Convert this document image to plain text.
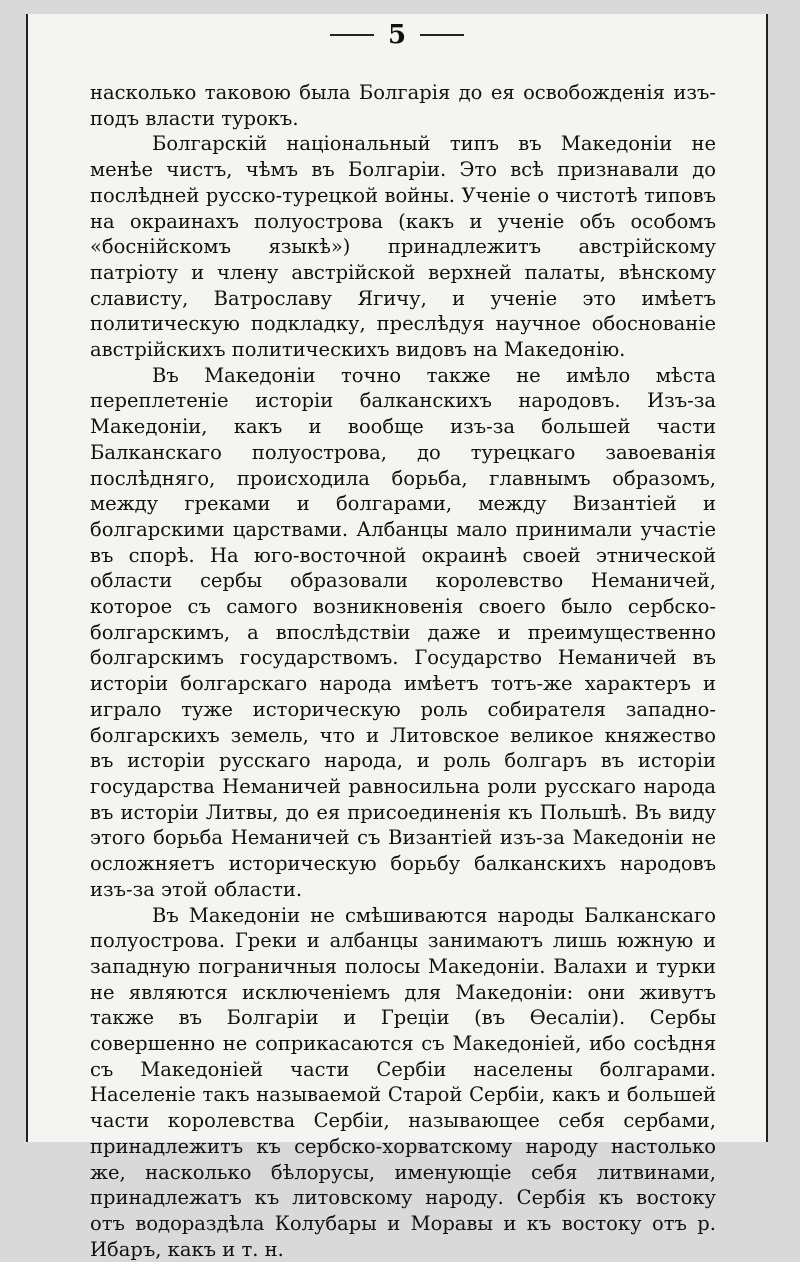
5

насколько таковою была Болгарія до ея освобожденія изъ-подъ власти турокъ.

Болгарскій національный типъ въ Македоніи не менѣе чистъ, чѣмъ въ Болгаріи. Это всѣ признавали до послѣдней русско-турецкой войны. Ученіе о чистотѣ типовъ на окраинахъ полуострова (какъ и ученіе объ особомъ «боснійскомъ языкѣ») принадлежитъ австрійскому патріоту и члену австрійской верхней палаты, вѣнскому слависту, Ватрославу Ягичу, и ученіе это имѣетъ политическую подкладку, преслѣдуя научное обоснованіе австрійскихъ политическихъ видовъ на Македонію.

Въ Македоніи точно также не имѣло мѣста переплетеніе исторіи балканскихъ народовъ. Изъ-за Македоніи, какъ и вообще изъ-за большей части Балканскаго полуострова, до турецкаго завоеванія послѣдняго, происходила борьба, главнымъ образомъ, между греками и болгарами, между Византіей и болгарскими царствами. Албанцы мало принимали участіе въ спорѣ. На юго-восточной окраинѣ своей этнической области сербы образовали королевство Неманичей, которое съ самого возникновенія своего было сербско-болгарскимъ, а впослѣдствіи даже и преимущественно болгарскимъ государствомъ. Государство Неманичей въ исторіи болгарскаго народа имѣетъ тотъ-же характеръ и играло туже историческую роль собирателя западно-болгарскихъ земель, что и Литовское великое княжество въ исторіи русскаго народа, и роль болгаръ въ исторіи государства Неманичей равносильна роли русскаго народа въ исторіи Литвы, до ея присоединенія къ Польшѣ. Въ виду этого борьба Неманичей съ Византіей изъ-за Македоніи не осложняетъ историческую борьбу балканскихъ народовъ изъ-за этой области.

Въ Македоніи не смѣшиваются народы Балканскаго полуострова. Греки и албанцы занимаютъ лишь южную и западную пограничныя полосы Македоніи. Валахи и турки не являются исключеніемъ для Македоніи: они живутъ также въ Болгаріи и Греціи (въ Ѳесаліи). Сербы совершенно не соприкасаются съ Македоніей, ибо сосѣдня съ Македоніей части Сербіи населены болгарами. Населеніе такъ называемой Старой Сербіи, какъ и большей части королевства Сербіи, называющее себя сербами, принадлежитъ къ сербско-хорватскому народу настолько же, насколько бѣлорусы, именующіе себя литвинами, принадлежатъ къ литовскому народу. Сербія къ востоку отъ водораздѣла Колубары и Моравы и къ востоку отъ р. Ибаръ, какъ и т. н.
